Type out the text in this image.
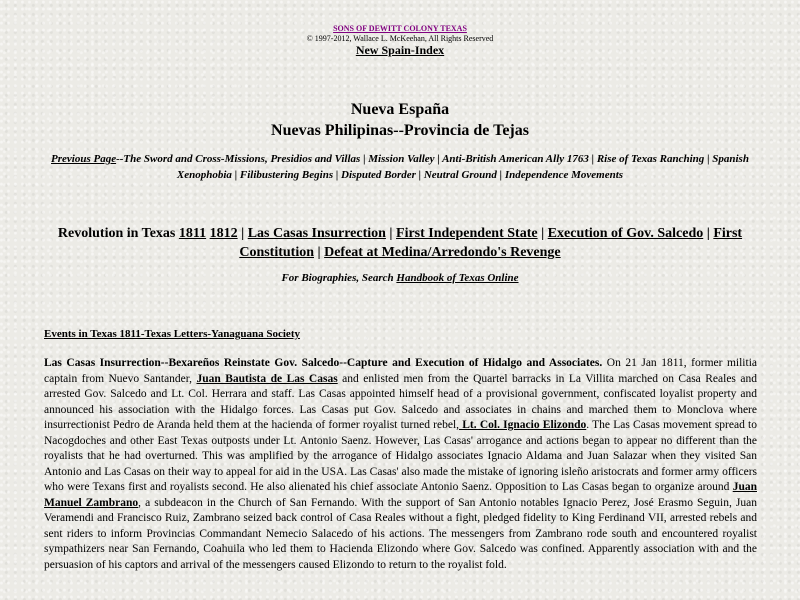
SONS OF DEWITT COLONY TEXAS
© 1997-2012, Wallace L. McKeehan, All Rights Reserved
New Spain-Index
Nueva España
Nuevas Philipinas--Provincia de Tejas
Previous Page--The Sword and Cross-Missions, Presidios and Villas | Mission Valley | Anti-British American Ally 1763 | Rise of Texas Ranching | Spanish Xenophobia | Filibustering Begins | Disputed Border | Neutral Ground | Independence Movements
Revolution in Texas 1811 1812 | Las Casas Insurrection | First Independent State | Execution of Gov. Salcedo | First Constitution | Defeat at Medina/Arredondo's Revenge
For Biographies, Search Handbook of Texas Online
Events in Texas 1811-Texas Letters-Yanaguana Society
Las Casas Insurrection--Bexareños Reinstate Gov. Salcedo--Capture and Execution of Hidalgo and Associates. On 21 Jan 1811, former militia captain from Nuevo Santander, Juan Bautista de Las Casas and enlisted men from the Quartel barracks in La Villita marched on Casa Reales and arrested Gov. Salcedo and Lt. Col. Herrara and staff. Las Casas appointed himself head of a provisional government, confiscated loyalist property and announced his association with the Hidalgo forces. Las Casas put Gov. Salcedo and associates in chains and marched them to Monclova where insurrectionist Pedro de Aranda held them at the hacienda of former royalist turned rebel, Lt. Col. Ignacio Elizondo. The Las Casas movement spread to Nacogdoches and other East Texas outposts under Lt. Antonio Saenz. However, Las Casas' arrogance and actions began to appear no different than the royalists that he had overturned. This was amplified by the arrogance of Hidalgo associates Ignacio Aldama and Juan Salazar when they visited San Antonio and Las Casas on their way to appeal for aid in the USA. Las Casas' also made the mistake of ignoring isleño aristocrats and former army officers who were Texans first and royalists second. He also alienated his chief associate Antonio Saenz. Opposition to Las Casas began to organize around Juan Manuel Zambrano, a subdeacon in the Church of San Fernando. With the support of San Antonio notables Ignacio Perez, José Erasmo Seguin, Juan Veramendi and Francisco Ruiz, Zambrano seized back control of Casa Reales without a fight, pledged fidelity to King Ferdinand VII, arrested rebels and sent riders to inform Provincias Commandant Nemecio Salacedo of his actions. The messengers from Zambrano rode south and encountered royalist sympathizers near San Fernando, Coahuila who led them to Hacienda Elizondo where Gov. Salcedo was confined. Apparently association with and the persuasion of his captors and arrival of the messengers caused Elizondo to return to the royalist fold.
